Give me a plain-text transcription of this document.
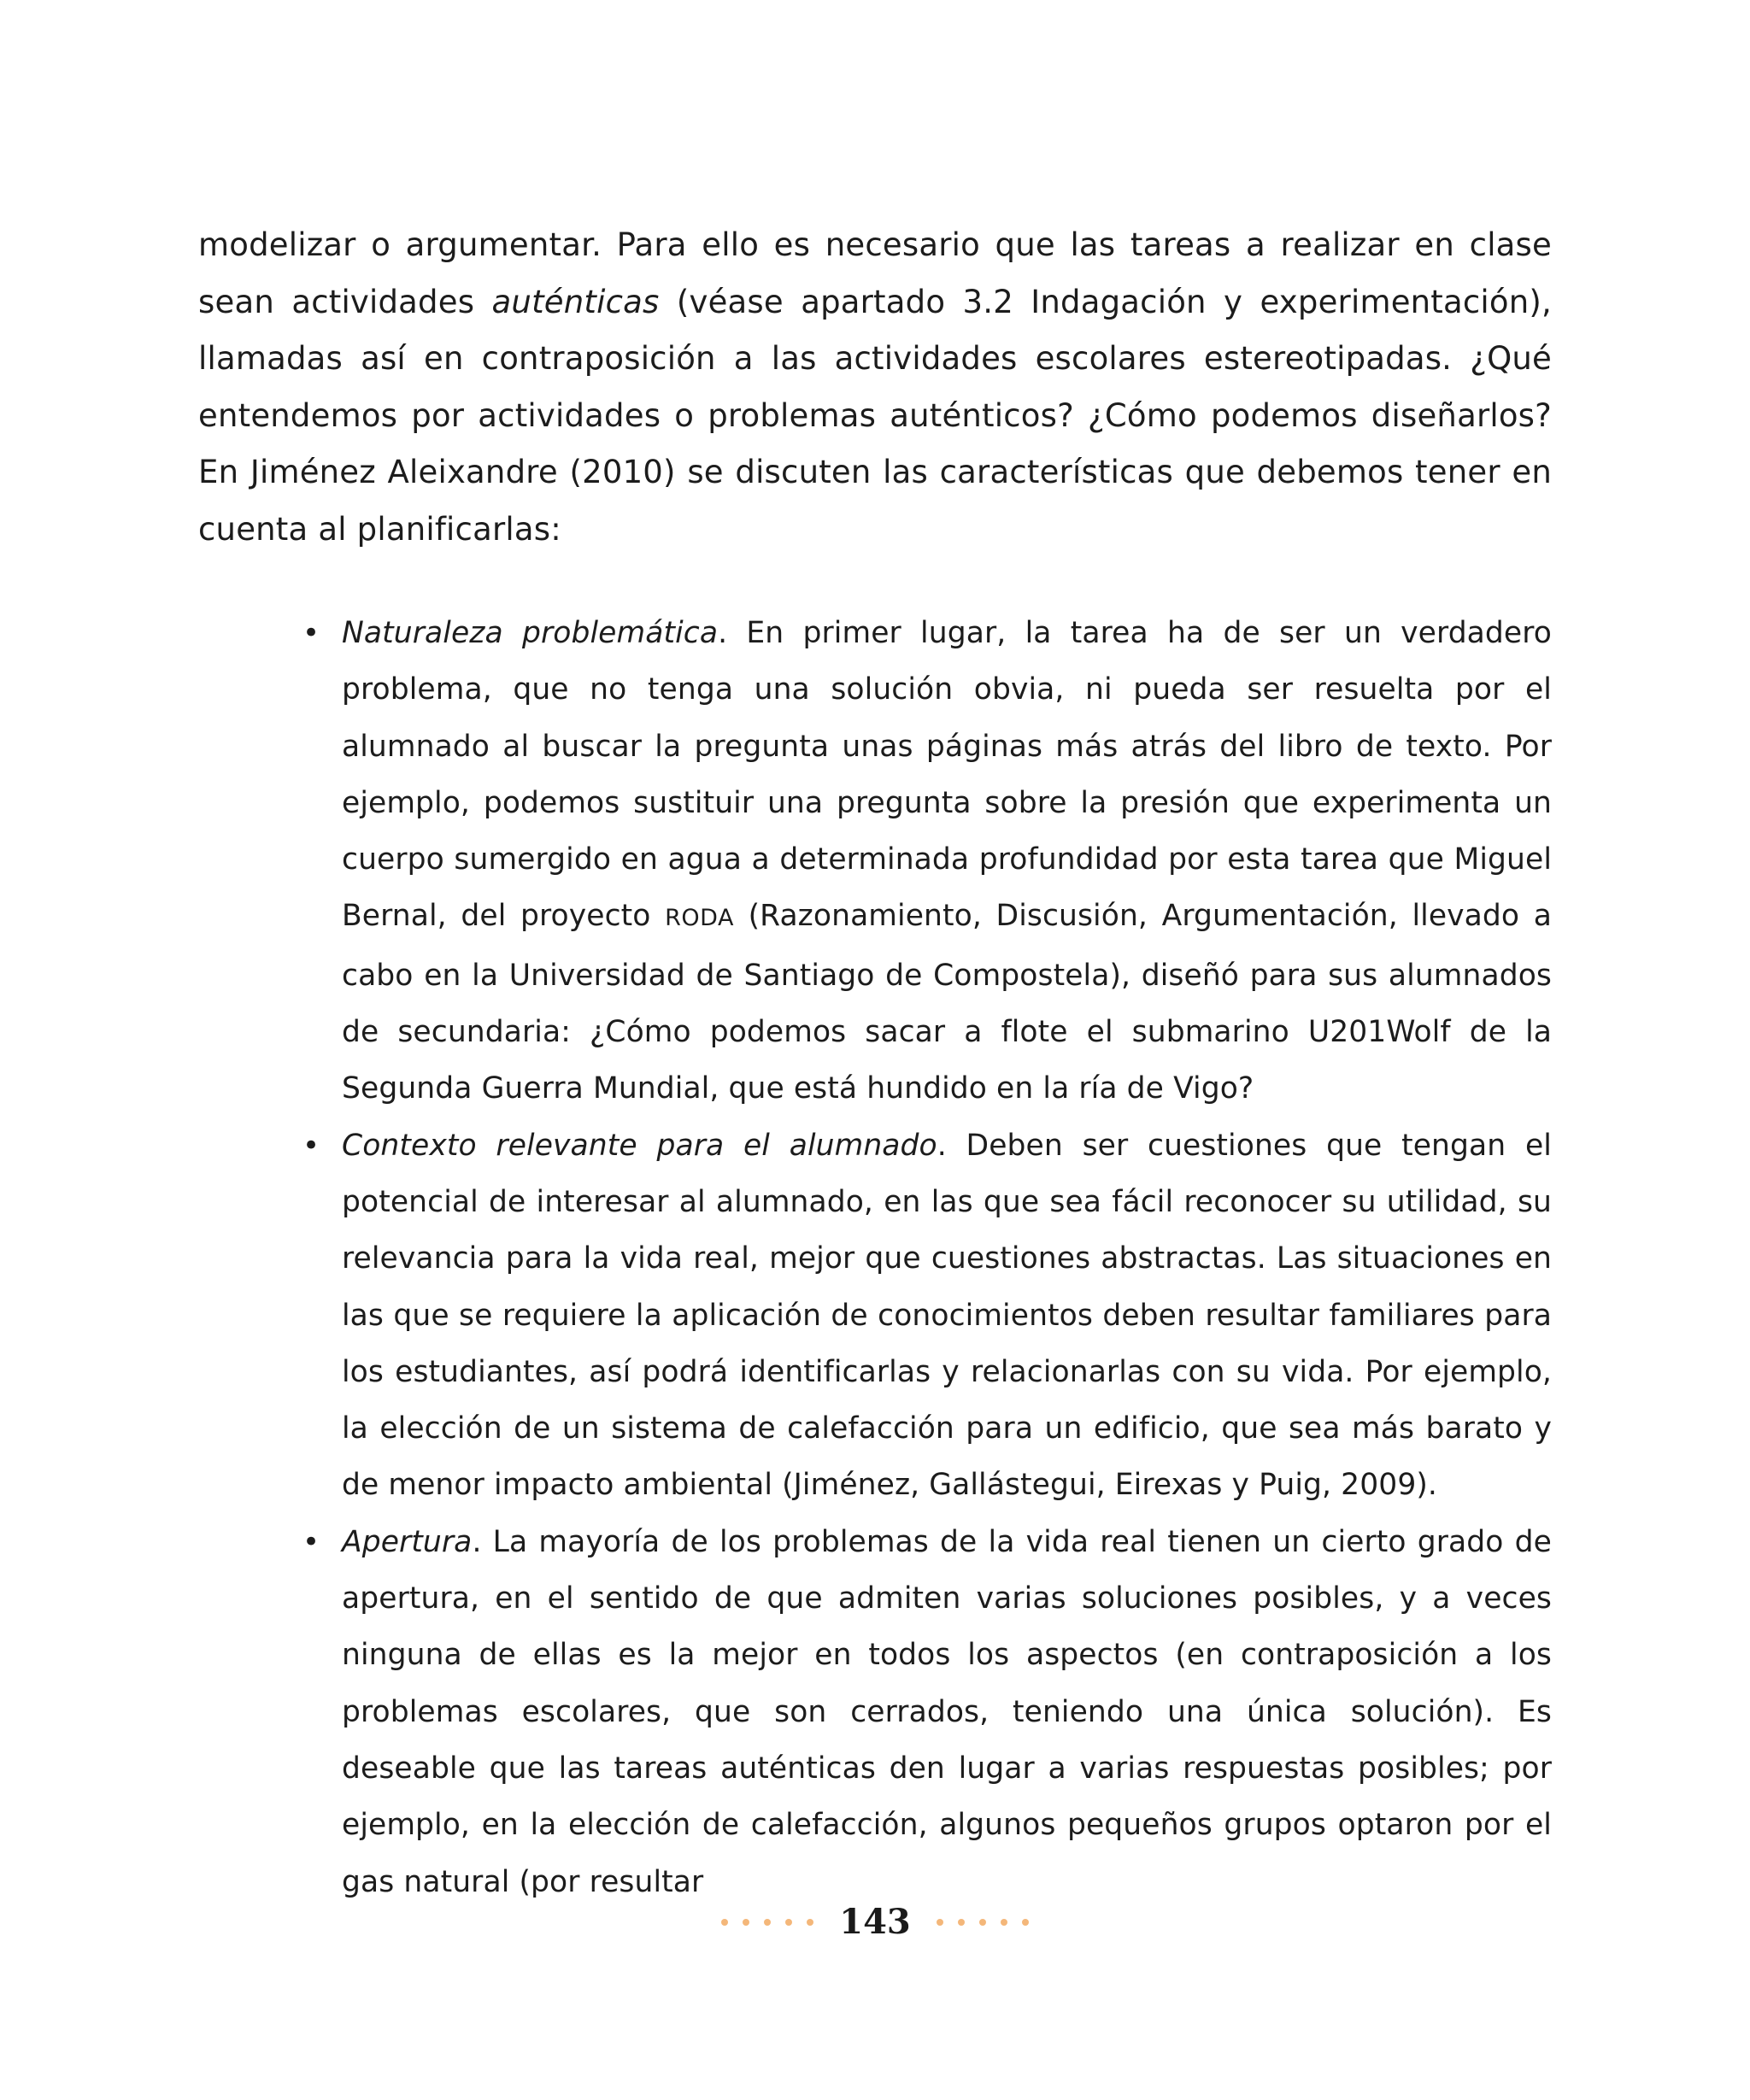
modelizar o argumentar. Para ello es necesario que las tareas a realizar en clase sean actividades auténticas (véase apartado 3.2 Indagación y experimentación), llamadas así en contraposición a las actividades escolares estereotipadas. ¿Qué entendemos por actividades o problemas auténticos? ¿Cómo podemos diseñarlos? En Jiménez Aleixandre (2010) se discuten las características que debemos tener en cuenta al planificarlas:

• Naturaleza problemática. En primer lugar, la tarea ha de ser un verdadero problema, que no tenga una solución obvia, ni pueda ser resuelta por el alumnado al buscar la pregunta unas páginas más atrás del libro de texto. Por ejemplo, podemos sustituir una pregunta sobre la presión que experimenta un cuerpo sumergido en agua a determinada profundidad por esta tarea que Miguel Bernal, del proyecto RODA (Razonamiento, Discusión, Argumentación, llevado a cabo en la Universidad de Santiago de Compostela), diseñó para sus alumnados de secundaria: ¿Cómo podemos sacar a flote el submarino U201Wolf de la Segunda Guerra Mundial, que está hundido en la ría de Vigo?
• Contexto relevante para el alumnado. Deben ser cuestiones que tengan el potencial de interesar al alumnado, en las que sea fácil reconocer su utilidad, su relevancia para la vida real, mejor que cuestiones abstractas. Las situaciones en las que se requiere la aplicación de conocimientos deben resultar familiares para los estudiantes, así podrá identificarlas y relacionarlas con su vida. Por ejemplo, la elección de un sistema de calefacción para un edificio, que sea más barato y de menor impacto ambiental (Jiménez, Gallástegui, Eirexas y Puig, 2009).
• Apertura. La mayoría de los problemas de la vida real tienen un cierto grado de apertura, en el sentido de que admiten varias soluciones posibles, y a veces ninguna de ellas es la mejor en todos los aspectos (en contraposición a los problemas escolares, que son cerrados, teniendo una única solución). Es deseable que las tareas auténticas den lugar a varias respuestas posibles; por ejemplo, en la elección de calefacción, algunos pequeños grupos optaron por el gas natural (por resultar
143
